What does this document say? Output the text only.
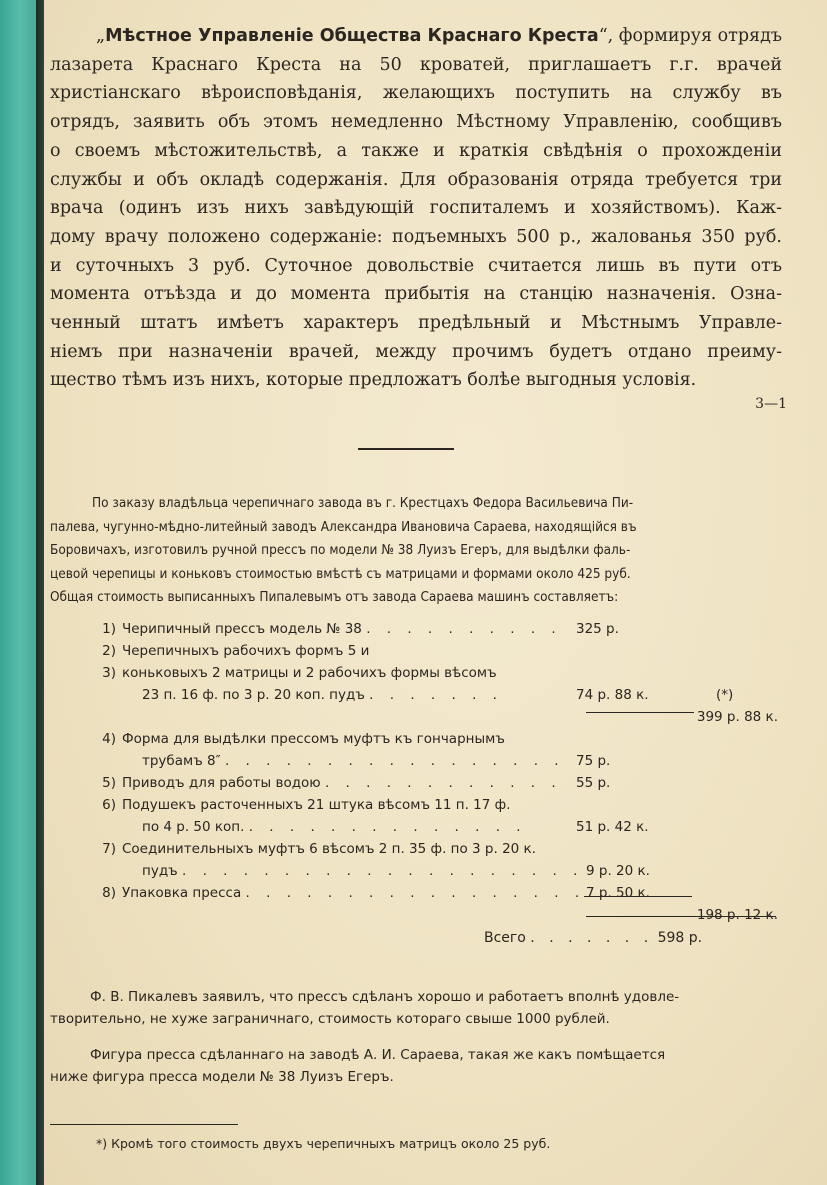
„Мѣстное Управленіе Общества Краснаго Креста“, формируя отрядъ
лазарета Краснаго Креста на 50 кроватей, приглашаетъ г.г. врачей
христіанскаго вѣроисповѣданія, желающихъ поступить на службу въ
отрядъ, заявить объ этомъ немедленно Мѣстному Управленію, сообщивъ
о своемъ мѣстожительствѣ, а также и краткія свѣдѣнія о прохожденіи
службы и объ окладѣ содержанія. Для образованія отряда требуется три
врача (одинъ изъ нихъ завѣдующій госпиталемъ и хозяйствомъ). Каж-
дому врачу положено содержаніе: подъемныхъ 500 р., жалованья 350 руб.
и суточныхъ 3 руб. Суточное довольствіе считается лишь въ пути отъ
момента отъѣзда и до момента прибытія на станцію назначенія. Озна-
ченный штатъ имѣетъ характеръ предѣльный и Мѣстнымъ Управле-
ніемъ при назначеніи врачей, между прочимъ будетъ отдано преиму-
щество тѣмъ изъ нихъ, которые предложатъ болѣе выгодныя условія.
3—1
По заказу владѣльца черепичнаго завода въ г. Крестцахъ Федора Васильевича Пи-
палева, чугунно-мѣдно-литейный заводъ Александра Ивановича Сараева, находящійся въ
Боровичахъ, изготовилъ ручной прессъ по модели № 38 Луизъ Егеръ, для выдѣлки фаль-
цевой черепицы и коньковъ стоимостью вмѣстѣ съ матрицами и формами около 425 руб.
Общая стоимость выписанныхъ Пипалевымъ отъ завода Сараева машинъ составляетъ:
1) Черипичный прессъ модель № 38 . . . . . . . . . . 325 р.
2) Черепичныхъ рабочихъ формъ 5 и
3) коньковыхъ 2 матрицы и 2 рабочихъ формы вѣсомъ
23 п. 16 ф. по 3 р. 20 коп. пудъ . . . . . . .	74 р. 88 к.	(*)
399 р. 88 к.
4) Форма для выдѣлки прессомъ муфтъ къ гончарнымъ
трубамъ 8″ . . . . . . . . . . . . . . . . . 75 р.
5) Приводъ для работы водою . . . . . . . . . . . . 55 р.
6) Подушекъ расточенныхъ 21 штука вѣсомъ 11 п. 17 ф.
по 4 р. 50 коп. . . . . . . . . . . . . . .	51 р. 42 к.
7) Соединительныхъ муфтъ 6 вѣсомъ 2 п. 35 ф. по 3 р. 20 к.
пудъ . . . . . . . . . . . . . . . . . . . . 9 р. 20 к.
8) Упаковка пресса . . . . . . . . . . . . . . . . . 7 р. 50 к.
198 р. 12 к.
Всего . . . . . . . 598 р.
Ф. В. Пикалевъ заявилъ, что прессъ сдѣланъ хорошо и работаетъ вполнѣ удовле-
творительно, не хуже заграничнаго, стоимость котораго свыше 1000 рублей.
Фигура пресса сдѣланнаго на заводѣ А. И. Сараева, такая же какъ помѣщается
ниже фигура пресса модели № 38 Луизъ Егеръ.
*) Кромѣ того стоимость двухъ черепичныхъ матрицъ около 25 руб.
